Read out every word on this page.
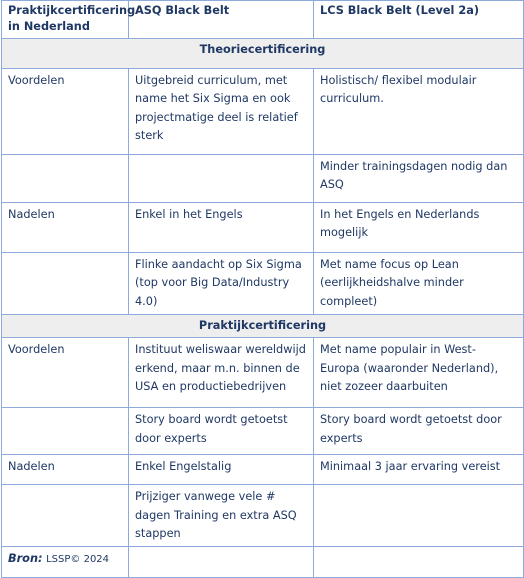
Praktijkcertificering in Nederland	ASQ Black Belt	LCS Black Belt (Level 2a)
Theoriecertificering		
Voordelen	Uitgebreid curriculum, met name het Six Sigma en ook projectmatige deel is relatief sterk	Holistisch/ flexibel modulair curriculum.
		Minder trainingsdagen nodig dan ASQ
Nadelen	Enkel in het Engels	In het Engels en Nederlands mogelijk
	Flinke aandacht op Six Sigma (top voor Big Data/Industry 4.0)	Met name focus op Lean (eerlijkheidshalve minder compleet)
Praktijkcertificering		
Voordelen	Instituut weliswaar wereldwijd erkend, maar m.n. binnen de USA en productiebedrijven	Met name populair in West- Europa (waaronder Nederland), niet zozeer daarbuiten
	Story board wordt getoetst door experts	Story board wordt getoetst door experts
Nadelen	Enkel Engelstalig	Minimaal 3 jaar ervaring vereist
	Prijziger vanwege vele # dagen Training en extra ASQ stappen	
Bron: LSSP© 2024		
